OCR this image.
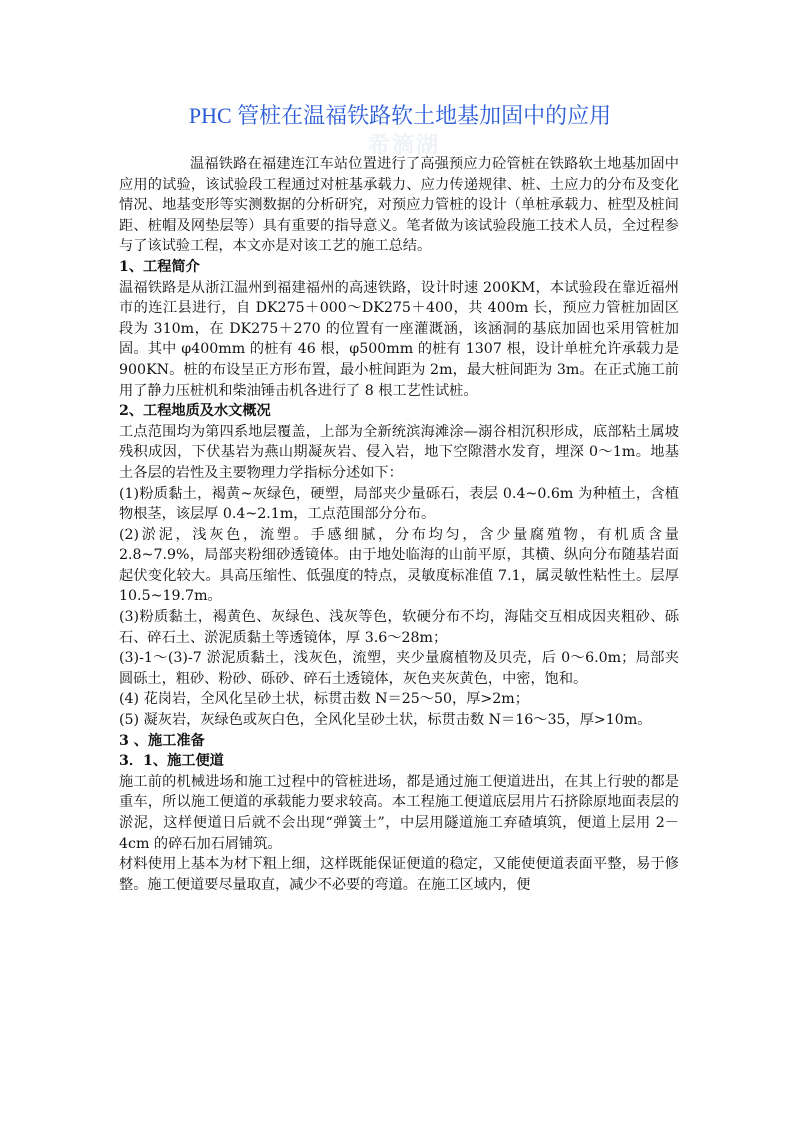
希滴湖
PHC 管桩在温福铁路软土地基加固中的应用

温福铁路在福建连江车站位置进行了高强预应力砼管桩在铁路软土地基加固中应用的试验，该试验段工程通过对桩基承载力、应力传递规律、桩、土应力的分布及变化情况、地基变形等实测数据的分析研究，对预应力管桩的设计（单桩承载力、桩型及桩间距、桩帽及网垫层等）具有重要的指导意义。笔者做为该试验段施工技术人员，全过程参与了该试验工程，本文亦是对该工艺的施工总结。

1、工程简介

温福铁路是从浙江温州到福建福州的高速铁路，设计时速 200KM，本试验段在靠近福州市的连江县进行，自 DK275＋000～DK275＋400，共 400m 长，预应力管桩加固区段为 310m，在 DK275＋270 的位置有一座灌溉涵，该涵洞的基底加固也采用管桩加固。其中 φ400mm 的桩有 46 根，φ500mm 的桩有 1307 根，设计单桩允许承载力是 900KN。桩的布设呈正方形布置，最小桩间距为 2m，最大桩间距为 3m。在正式施工前用了静力压桩机和柴油锤击机各进行了 8 根工艺性试桩。

2、工程地质及水文概况

工点范围均为第四系地层覆盖，上部为全新统滨海滩涂—溺谷相沉积形成，底部粘土属坡残积成因，下伏基岩为燕山期凝灰岩、侵入岩，地下空隙潜水发育，埋深 0～1m。地基土各层的岩性及主要物理力学指标分述如下：

(1)粉质黏土，褐黄~灰绿色，硬塑，局部夹少量砾石，表层 0.4~0.6m 为种植土，含植物根茎，该层厚 0.4~2.1m，工点范围部分分布。

(2)淤泥，浅灰色，流塑。手感细腻，分布均匀，含少量腐殖物，有机质含量 2.8~7.9%，局部夹粉细砂透镜体。由于地处临海的山前平原，其横、纵向分布随基岩面起伏变化较大。具高压缩性、低强度的特点，灵敏度标准值 7.1，属灵敏性粘性土。层厚 10.5~19.7m。

(3)粉质黏土，褐黄色、灰绿色、浅灰等色，软硬分布不均，海陆交互相成因夹粗砂、砾石、碎石土、淤泥质黏土等透镜体，厚 3.6～28m；

(3)-1～(3)-7 淤泥质黏土，浅灰色，流塑，夹少量腐植物及贝壳，后 0～6.0m；局部夹圆砾土，粗砂、粉砂、砾砂、碎石土透镜体，灰色夹灰黄色，中密，饱和。

(4) 花岗岩，全风化呈砂土状，标贯击数 N＝25～50，厚>2m；

(5) 凝灰岩，灰绿色或灰白色，全风化呈砂土状，标贯击数 N＝16～35，厚>10m。

3 、施工准备
3．1、施工便道

施工前的机械进场和施工过程中的管桩进场，都是通过施工便道进出，在其上行驶的都是重车，所以施工便道的承载能力要求较高。本工程施工便道底层用片石挤除原地面表层的淤泥，这样便道日后就不会出现“弹簧土”，中层用隧道施工弃碴填筑，便道上层用 2－4cm 的碎石加石屑铺筑。

材料使用上基本为材下粗上细，这样既能保证便道的稳定，又能使便道表面平整，易于修整。施工便道要尽量取直，减少不必要的弯道。在施工区域内，便
